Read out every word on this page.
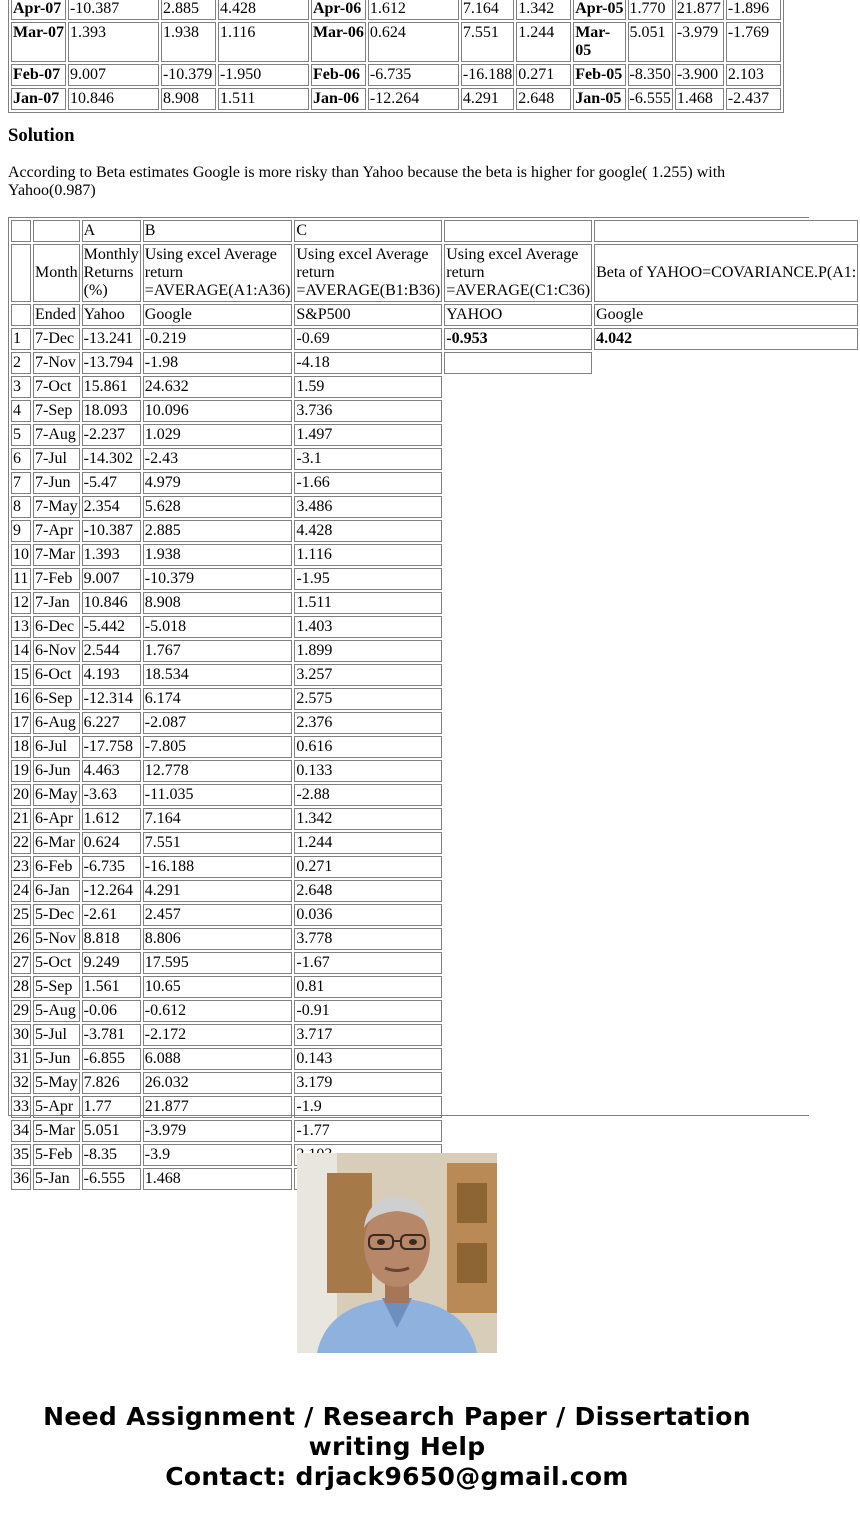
Apr-07	-10.387	2.885	4.428	Apr-06	1.612	7.164	1.342	Apr-05	1.770	21.877	-1.896
Mar-07	1.393	1.938	1.116	Mar-06	0.624	7.551	1.244	Mar-05	5.051	-3.979	-1.769
Feb-07	9.007	-10.379	-1.950	Feb-06	-6.735	-16.188	0.271	Feb-05	-8.350	-3.900	2.103
Jan-07	10.846	8.908	1.511	Jan-06	-12.264	4.291	2.648	Jan-05	-6.555	1.468	-2.437
Solution

According to Beta estimates Google is more risky than Yahoo because the beta is higher for google( 1.255) with Yahoo(0.987)

		A	B	C		
	Month	Monthly Returns (%)	Using excel Average return =AVERAGE(A1:A36)	Using excel Average return =AVERAGE(B1:B36)	Using excel Average return =AVERAGE(C1:C36)	Beta of YAHOO=COVARIANCE.P(A1:
	Ended	Yahoo	Google	S&P500	YAHOO	Google
1	7-Dec	-13.241	-0.219	-0.69	-0.953	4.042
2	7-Nov	-13.794	-1.98	-4.18		
3	7-Oct	15.861	24.632	1.59		
4	7-Sep	18.093	10.096	3.736		
5	7-Aug	-2.237	1.029	1.497		
6	7-Jul	-14.302	-2.43	-3.1		
7	7-Jun	-5.47	4.979	-1.66		
8	7-May	2.354	5.628	3.486		
9	7-Apr	-10.387	2.885	4.428		
10	7-Mar	1.393	1.938	1.116		
11	7-Feb	9.007	-10.379	-1.95		
12	7-Jan	10.846	8.908	1.511		
13	6-Dec	-5.442	-5.018	1.403		
14	6-Nov	2.544	1.767	1.899		
15	6-Oct	4.193	18.534	3.257		
16	6-Sep	-12.314	6.174	2.575		
17	6-Aug	6.227	-2.087	2.376		
18	6-Jul	-17.758	-7.805	0.616		
19	6-Jun	4.463	12.778	0.133		
20	6-May	-3.63	-11.035	-2.88		
21	6-Apr	1.612	7.164	1.342		
22	6-Mar	0.624	7.551	1.244		
23	6-Feb	-6.735	-16.188	0.271		
24	6-Jan	-12.264	4.291	2.648		
25	5-Dec	-2.61	2.457	0.036		
26	5-Nov	8.818	8.806	3.778		
27	5-Oct	9.249	17.595	-1.67		
28	5-Sep	1.561	10.65	0.81		
29	5-Aug	-0.06	-0.612	-0.91		
30	5-Jul	-3.781	-2.172	3.717		
31	5-Jun	-6.855	6.088	0.143		
32	5-May	7.826	26.032	3.179		
33	5-Apr	1.77	21.877	-1.9		
34	5-Mar	5.051	-3.979	-1.77		
35	5-Feb	-8.35	-3.9	
36	5-Jan	-6.555	1.468	
Need Assignment / Research Paper / Dissertation
writing Help
Contact: drjack9650@gmail.com
